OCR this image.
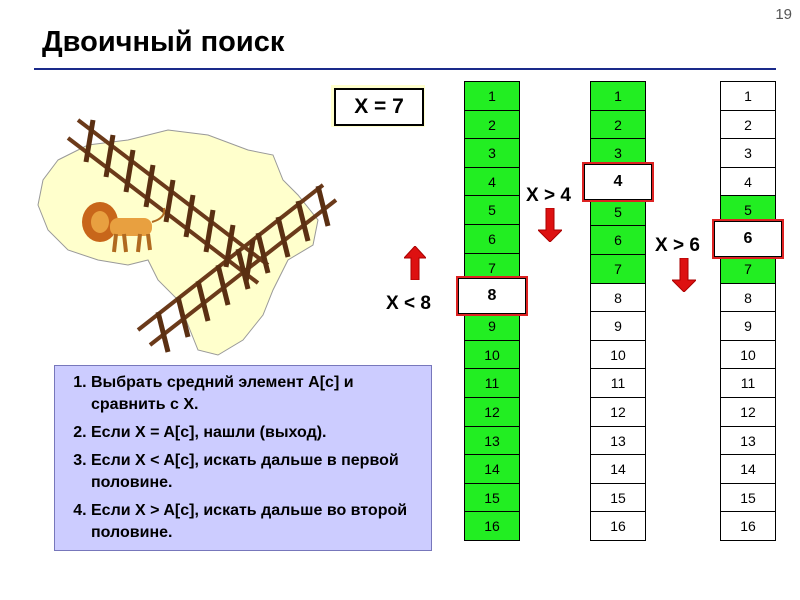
19
Двоичный поиск
X = 7
1. Выбрать средний элемент A[c] и сравнить с X.
2. Если X = A[c], нашли (выход).
3. Если X < A[c], искать дальше в первой половине.
4. Если X > A[c], искать дальше во второй половине.
1
2
3
4
5
6
7
8
9
10
11
12
13
14
15
16
1
2
3
4
5
6
7
8
9
10
11
12
13
14
15
16
1
2
3
4
5
6
7
8
9
10
11
12
13
14
15
16
X < 8
X > 4
X > 6
